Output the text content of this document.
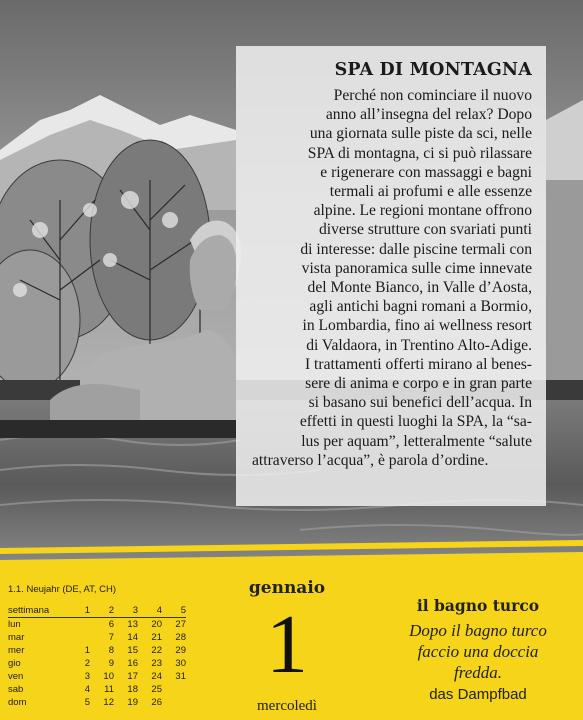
SPA DI MONTAGNA
Perché non cominciare il nuovo
anno all’insegna del relax? Dopo
una giornata sulle piste da sci, nelle
SPA di montagna, ci si può rilassare
e rigenerare con massaggi e bagni
termali ai profumi e alle essenze
alpine. Le regioni montane offrono
diverse strutture con svariati punti
di interesse: dalle piscine termali con
vista panoramica sulle cime innevate
del Monte Bianco, in Valle d’Aosta,
agli antichi bagni romani a Bormio,
in Lombardia, fino ai wellness resort
di Valdaora, in Trentino Alto-Adige.
I trattamenti offerti mirano al benes-
sere di anima e corpo e in gran parte
si basano sui benefici dell’acqua. In
effetti in questi luoghi la SPA, la “sa-
lus per aquam”, letteralmente “salute
attraverso l’acqua”, è parola d’ordine.
1.1. Neujahr (DE, AT, CH)
settimana	1	2	3	4	5
lun		6	13	20	27
mar		7	14	21	28
mer	1	8	15	22	29
gio	2	9	16	23	30
ven	3	10	17	24	31
sab	4	11	18	25	
dom	5	12	19	26	
gennaio
1
mercoledì
il bagno turco
Dopo il bagno turco
faccio una doccia
fredda.
das Dampfbad
